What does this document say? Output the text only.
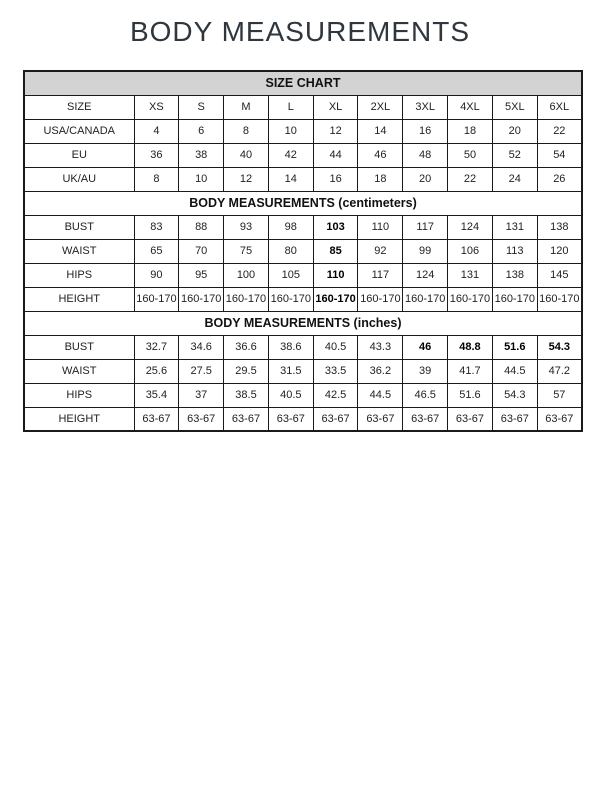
BODY MEASUREMENTS
SIZE CHART										
SIZE	XS	S	M	L	XL	2XL	3XL	4XL	5XL	6XL
USA/CANADA	4	6	8	10	12	14	16	18	20	22
EU	36	38	40	42	44	46	48	50	52	54
UK/AU	8	10	12	14	16	18	20	22	24	26
BODY MEASUREMENTS (centimeters)										
BUST	83	88	93	98	103	110	117	124	131	138
WAIST	65	70	75	80	85	92	99	106	113	120
HIPS	90	95	100	105	110	117	124	131	138	145
HEIGHT	160-170	160-170	160-170	160-170	160-170	160-170	160-170	160-170	160-170	160-170
BODY MEASUREMENTS (inches)										
BUST	32.7	34.6	36.6	38.6	40.5	43.3	46	48.8	51.6	54.3
WAIST	25.6	27.5	29.5	31.5	33.5	36.2	39	41.7	44.5	47.2
HIPS	35.4	37	38.5	40.5	42.5	44.5	46.5	51.6	54.3	57
HEIGHT	63-67	63-67	63-67	63-67	63-67	63-67	63-67	63-67	63-67	63-67
